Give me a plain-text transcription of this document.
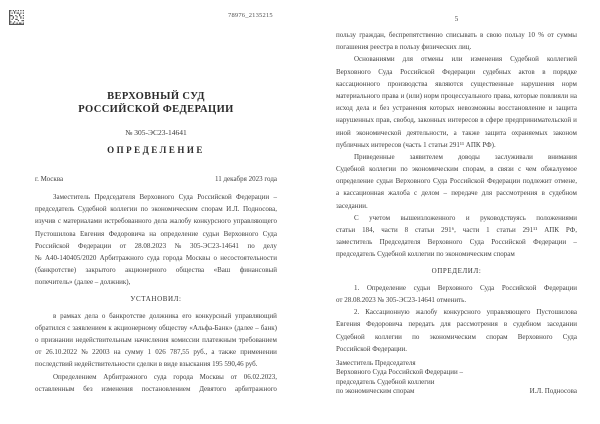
78976_2135215
ВЕРХОВНЫЙ СУД
РОССИЙСКОЙ ФЕДЕРАЦИИ
№ 305-ЭС23-14641
ОПРЕДЕЛЕНИЕ
г. Москва	11 декабря 2023 года
Заместитель Председателя Верховного Суда Российской Федерации –
председатель Судебной коллегии по экономическим спорам И.Л. Подносова,
изучив с материалами истребованного дела жалобу конкурсного управляющего
Пустошилова Евгения Федоровича на определение судьи Верховного Суда
Российской Федерации от 28.08.2023 № 305-ЭС23-14641 по делу
№ А40-140405/2020 Арбитражного суда города Москвы о несостоятельности
(банкротстве) закрытого акционерного общества «Ваш финансовый
попечитель» (далее – должник),
УСТАНОВИЛ:
в рамках дела о банкротстве должника его конкурсный управляющий
обратился с заявлением к акционерному обществу «Альфа-Банк» (далее – банк)
о признании недействительным начисления комиссии платежным требованием
от 26.10.2022 № 22003 на сумму 1 026 787,55 руб., а также применении
последствий недействительности сделки в виде взыскания 195 590,46 руб.
Определением Арбитражного суда города Москвы от 06.02.2023,
оставленным без изменения постановлением Девятого арбитражного
5
пользу граждан, беспрепятственно списывать в свою пользу 10 % от суммы
погашения реестра в пользу физических лиц.
Основаниями для отмены или изменения Судебной коллегией
Верховного Суда Российской Федерации судебных актов в порядке
кассационного производства являются существенные нарушения норм
материального права и (или) норм процессуального права, которые повлияли на
исход дела и без устранения которых невозможны восстановление и защита
нарушенных прав, свобод, законных интересов в сфере предпринимательской и
иной экономической деятельности, а также защита охраняемых законом
публичных интересов (часть 1 статьи 291¹¹ АПК РФ).
Приведенные заявителем доводы заслуживали внимания
Судебной коллегии по экономическим спорам, в связи с чем обжалуемое
определение судьи Верховного Суда Российской Федерации подлежит отмене,
а кассационная жалоба с делом – передаче для рассмотрения в судебном
заседании.
С учетом вышеизложенного и руководствуясь положениями
статьи 184, части 8 статьи 291⁶, части 1 статьи 291¹¹ АПК РФ,
заместитель Председателя Верховного Суда Российской Федерации –
председатель Судебной коллегии по экономическим спорам
ОПРЕДЕЛИЛ:
1. Определение судьи Верховного Суда Российской Федерации
от 28.08.2023 № 305-ЭС23-14641 отменить.
2. Кассационную жалобу конкурсного управляющего Пустошилова
Евгения Федоровича передать для рассмотрения в судебном заседании
Судебной коллегии по экономическим спорам Верховного Суда
Российской Федерации.
Заместитель Председателя
Верховного Суда Российской Федерации –
председатель Судебной коллегии
по экономическим спорам	И.Л. Подносова
